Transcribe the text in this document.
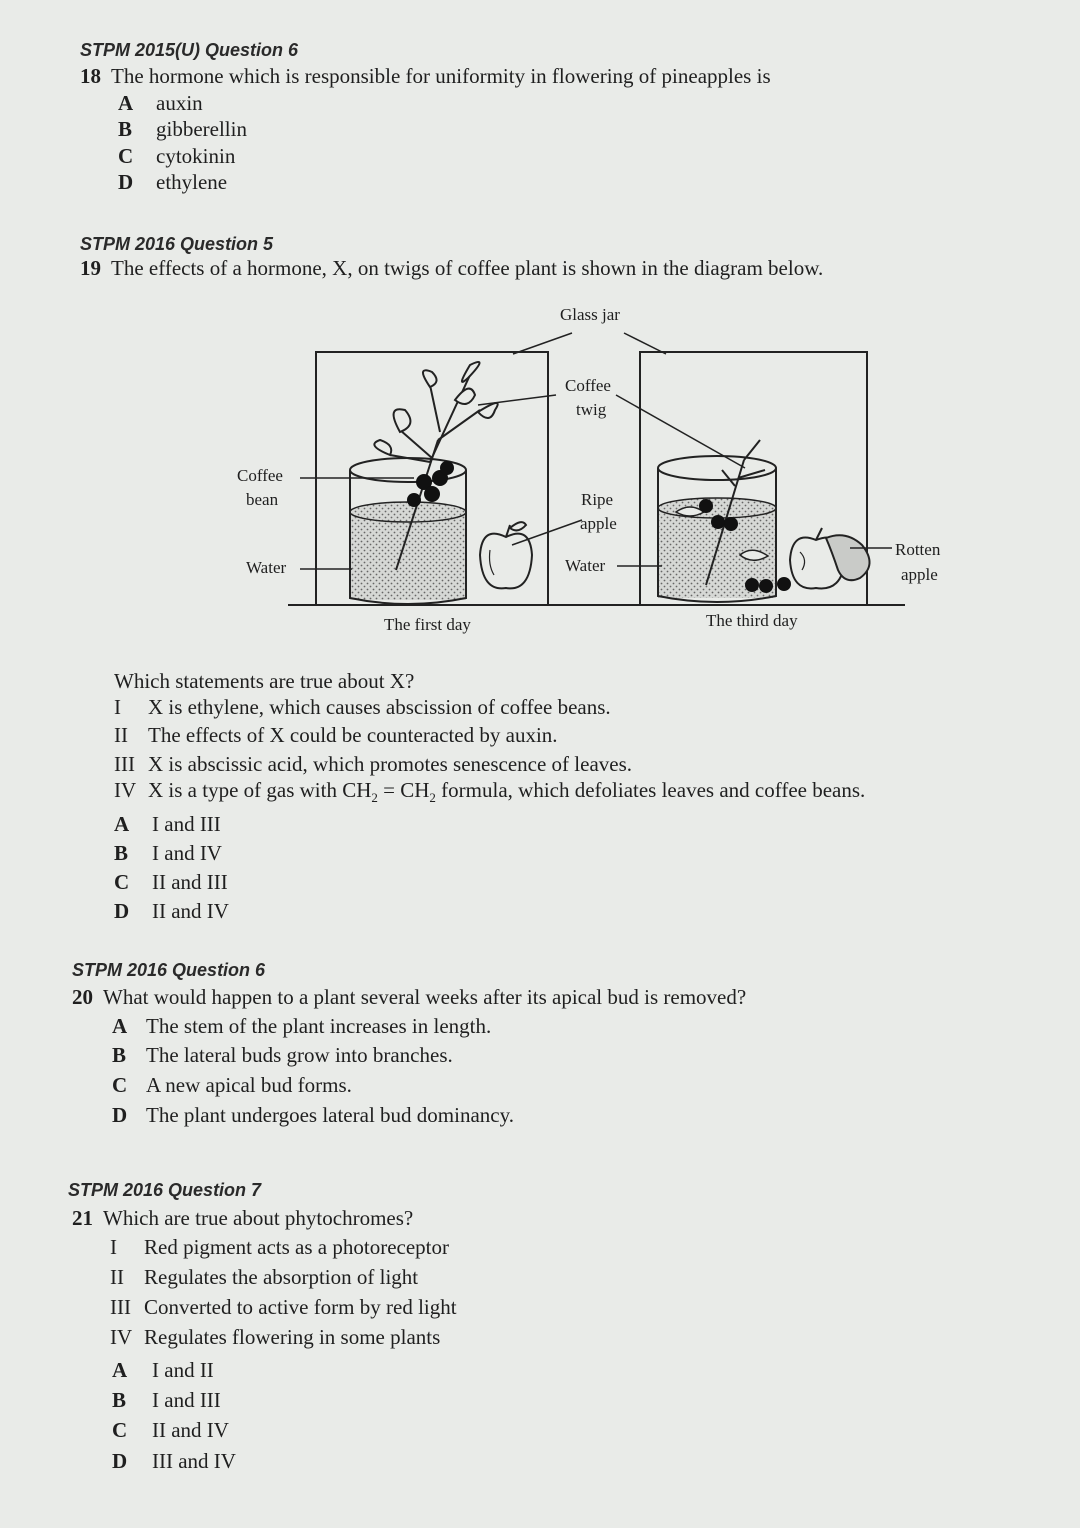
STPM 2015(U) Question 6
18 The hormone which is responsible for uniformity in flowering of pineapples is
A auxin
B gibberellin
C cytokinin
D ethylene
STPM 2016 Question 5
19 The effects of a hormone, X, on twigs of coffee plant is shown in the diagram below.
Glass jar
Coffee
twig
Coffee
bean	Ripe
apple
Water	Water
Rotten
apple
The first day	The third day
Which statements are true about X?
I X is ethylene, which causes abscission of coffee beans.
II The effects of X could be counteracted by auxin.
III X is abscissic acid, which promotes senescence of leaves.
IV X is a type of gas with $CH_2 = CH_2$ formula, which defoliates leaves and coffee beans.
A I and III
B I and IV
C II and III
D II and IV
STPM 2016 Question 6
20 What would happen to a plant several weeks after its apical bud is removed?
A The stem of the plant increases in length.
B The lateral buds grow into branches.
C A new apical bud forms.
D The plant undergoes lateral bud dominancy.
STPM 2016 Question 7
21 Which are true about phytochromes?
I Red pigment acts as a photoreceptor
II Regulates the absorption of light
III Converted to active form by red light
IV Regulates flowering in some plants
A I and II
B I and III
C II and IV
D III and IV
